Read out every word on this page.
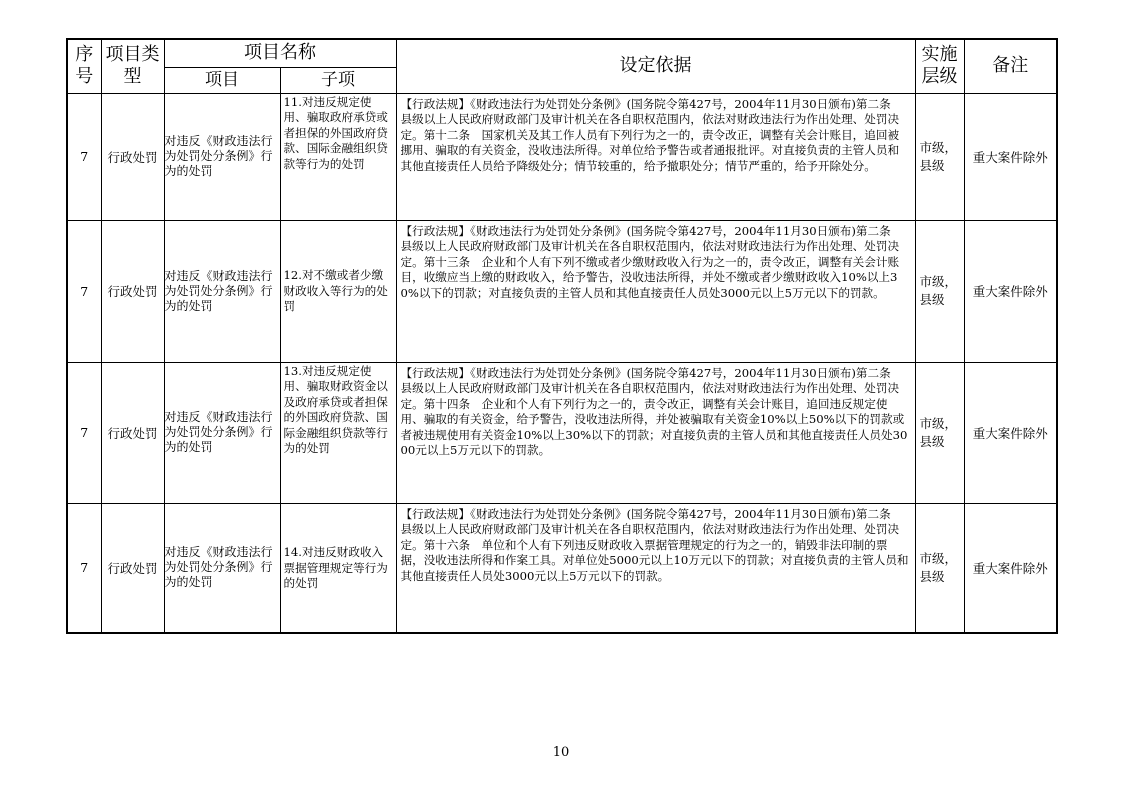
序号	项目类型	项目名称		设定依据	实施层级	备注
		项目	子项			
7	行政处罚	对违反《财政违法行为处罚处分条例》行为的处罚	11.对违反规定使用、骗取政府承贷或者担保的外国政府贷款、国际金融组织贷款等行为的处罚	【行政法规】《财政违法行为处罚处分条例》(国务院令第427号，2004年11月30日颁布)第二条　县级以上人民政府财政部门及审计机关在各自职权范围内，依法对财政违法行为作出处理、处罚决定。第十二条　国家机关及其工作人员有下列行为之一的，责令改正，调整有关会计账目，追回被挪用、骗取的有关资金，没收违法所得。对单位给予警告或者通报批评。对直接负责的主管人员和其他直接责任人员给予降级处分；情节较重的，给予撤职处分；情节严重的，给予开除处分。	市级，县级	重大案件除外
7	行政处罚	对违反《财政违法行为处罚处分条例》行为的处罚	12.对不缴或者少缴财政收入等行为的处罚	【行政法规】《财政违法行为处罚处分条例》(国务院令第427号，2004年11月30日颁布)第二条　县级以上人民政府财政部门及审计机关在各自职权范围内，依法对财政违法行为作出处理、处罚决定。第十三条　企业和个人有下列不缴或者少缴财政收入行为之一的，责令改正，调整有关会计账目，收缴应当上缴的财政收入，给予警告，没收违法所得，并处不缴或者少缴财政收入10%以上30%以下的罚款；对直接负责的主管人员和其他直接责任人员处3000元以上5万元以下的罚款。	市级，县级	重大案件除外
7	行政处罚	对违反《财政违法行为处罚处分条例》行为的处罚	13.对违反规定使用、骗取财政资金以及政府承贷或者担保的外国政府贷款、国际金融组织贷款等行为的处罚	【行政法规】《财政违法行为处罚处分条例》(国务院令第427号，2004年11月30日颁布)第二条　县级以上人民政府财政部门及审计机关在各自职权范围内，依法对财政违法行为作出处理、处罚决定。第十四条　企业和个人有下列行为之一的，责令改正，调整有关会计账目，追回违反规定使用、骗取的有关资金，给予警告，没收违法所得，并处被骗取有关资金10%以上50%以下的罚款或者被违规使用有关资金10%以上30%以下的罚款；对直接负责的主管人员和其他直接责任人员处3000元以上5万元以下的罚款。	市级，县级	重大案件除外
7	行政处罚	对违反《财政违法行为处罚处分条例》行为的处罚	14.对违反财政收入票据管理规定等行为的处罚	【行政法规】《财政违法行为处罚处分条例》(国务院令第427号，2004年11月30日颁布)第二条　县级以上人民政府财政部门及审计机关在各自职权范围内，依法对财政违法行为作出处理、处罚决定。第十六条　单位和个人有下列违反财政收入票据管理规定的行为之一的，销毁非法印制的票据，没收违法所得和作案工具。对单位处5000元以上10万元以下的罚款；对直接负责的主管人员和其他直接责任人员处3000元以上5万元以下的罚款。	市级，县级	重大案件除外
10
